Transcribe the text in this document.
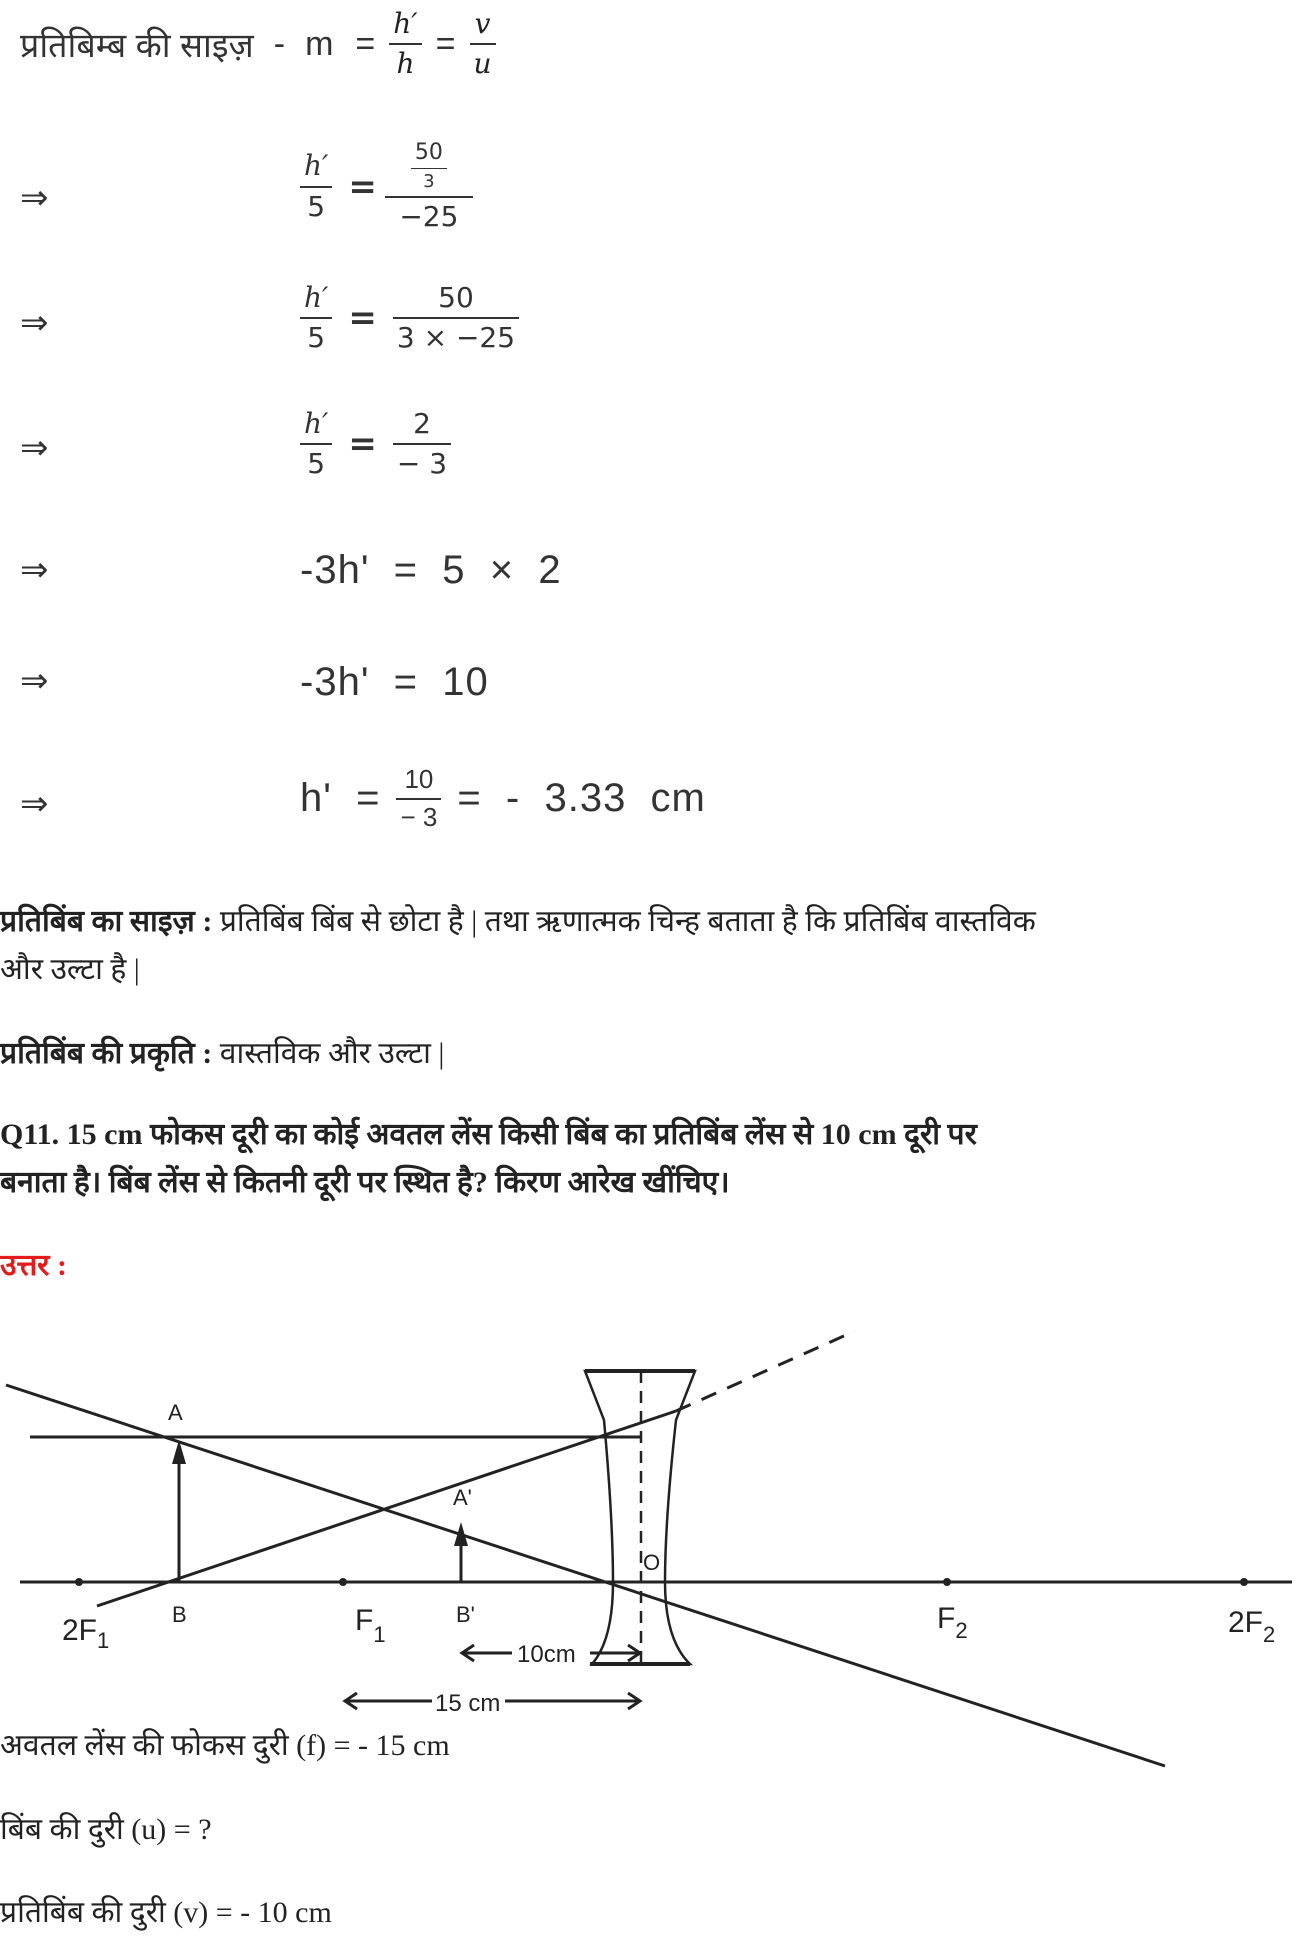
प्रतिबिम्ब की साइज़ - $m = \frac{h'}{h} = \frac{v}{u}$
⇒	$\frac{h'}{5} = \frac{\frac{50}{3}}{-25}$
⇒	$\frac{h'}{5} = \frac{50}{3 \times -25}$
⇒	$\frac{h'}{5} = \frac{2}{- 3}$
⇒	-3h'  =  5  ×  2
⇒	-3h'  =  10
⇒	$h' = \frac{10}{- 3}$ =  -  3.33  cm
प्रतिबिंब का साइज़ : प्रतिबिंब बिंब से छोटा है | तथा ऋणात्मक चिन्ह बताता है कि प्रतिबिंब वास्तविक
और उल्टा है |
प्रतिबिंब की प्रकृति : वास्तविक और उल्टा |
Q11. 15 cm फोकस दूरी का कोई अवतल लेंस किसी बिंब का प्रतिबिंब लेंस से 10 cm दूरी पर
बनाता है। बिंब लेंस से कितनी दूरी पर स्थित है? किरण आरेख खींचिए।
उत्तर :
A
A'
B	B'
O
$2F_1$
$F_1$	$F_2$	$2F_2$
10cm
15 cm
अवतल लेंस की फोकस दुरी (f) = - 15 cm
बिंब की दुरी (u) = ?
प्रतिबिंब की दुरी (v) = - 10 cm
